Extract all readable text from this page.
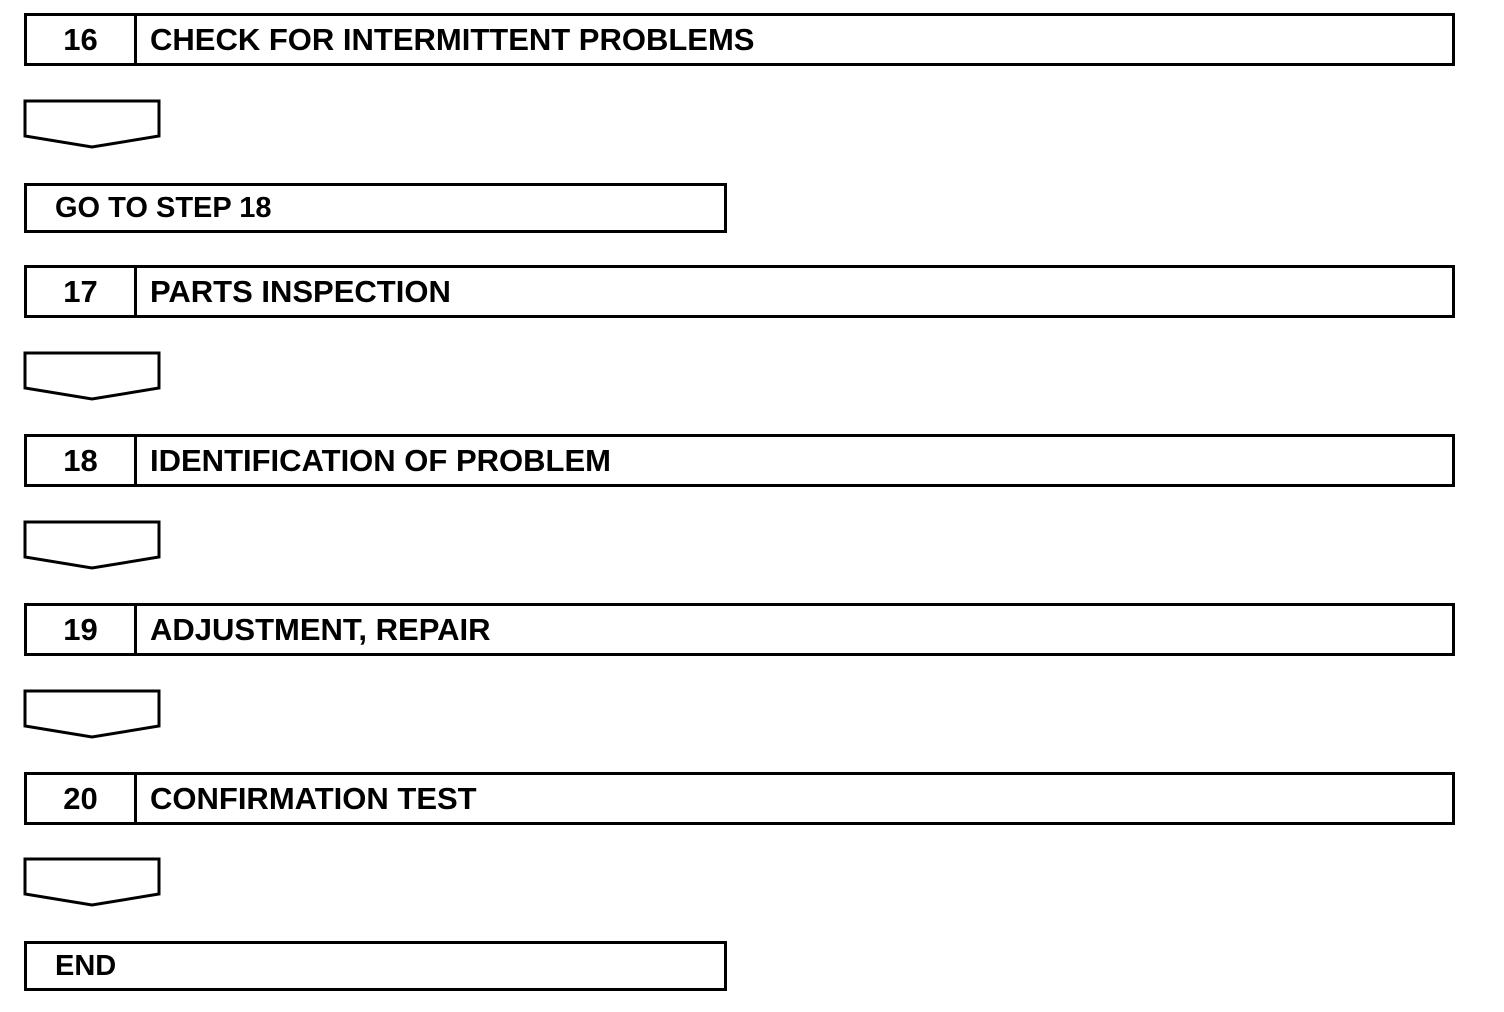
16	CHECK FOR INTERMITTENT PROBLEMS
GO TO STEP 18
17	PARTS INSPECTION
18	IDENTIFICATION OF PROBLEM
19	ADJUSTMENT, REPAIR
20	CONFIRMATION TEST
END
